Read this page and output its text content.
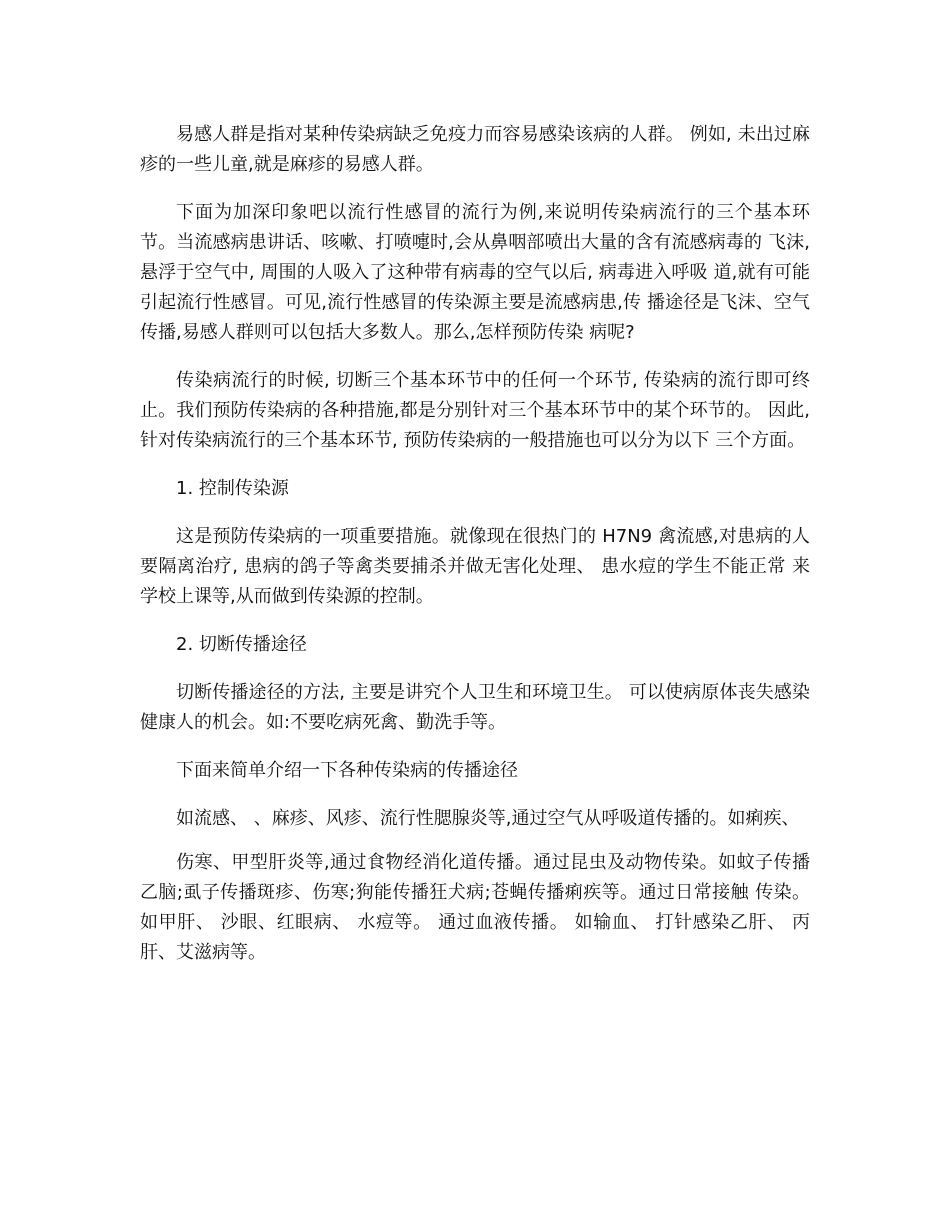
易感人群是指对某种传染病缺乏免疫力而容易感染该病的人群。 例如, 未出过麻 疹的一些儿童,就是麻疹的易感人群。

下面为加深印象吧以流行性感冒的流行为例,来说明传染病流行的三个基本环节。当流感病患讲话、咳嗽、打喷嚏时,会从鼻咽部喷出大量的含有流感病毒的 飞沫, 悬浮于空气中, 周围的人吸入了这种带有病毒的空气以后, 病毒进入呼吸 道,就有可能引起流行性感冒。可见,流行性感冒的传染源主要是流感病患,传 播途径是飞沫、空气传播,易感人群则可以包括大多数人。那么,怎样预防传染 病呢?

传染病流行的时候, 切断三个基本环节中的任何一个环节, 传染病的流行即可终止。我们预防传染病的各种措施,都是分别针对三个基本环节中的某个环节的。 因此, 针对传染病流行的三个基本环节, 预防传染病的一般措施也可以分为以下 三个方面。

1. 控制传染源

这是预防传染病的一项重要措施。就像现在很热门的 H7N9 禽流感,对患病的人 要隔离治疗, 患病的鸽子等禽类要捕杀并做无害化处理、 患水痘的学生不能正常 来学校上课等,从而做到传染源的控制。

2. 切断传播途径

切断传播途径的方法, 主要是讲究个人卫生和环境卫生。 可以使病原体丧失感染 健康人的机会。如:不要吃病死禽、勤洗手等。

下面来简单介绍一下各种传染病的传播途径

如流感、 、麻疹、风疹、流行性腮腺炎等,通过空气从呼吸道传播的。如痢疾、

伤寒、甲型肝炎等,通过食物经消化道传播。通过昆虫及动物传染。如蚊子传播 乙脑;虱子传播斑疹、伤寒;狗能传播狂犬病;苍蝇传播痢疾等。通过日常接触 传染。 如甲肝、 沙眼、红眼病、 水痘等。 通过血液传播。 如输血、 打针感染乙肝、 丙肝、艾滋病等。
